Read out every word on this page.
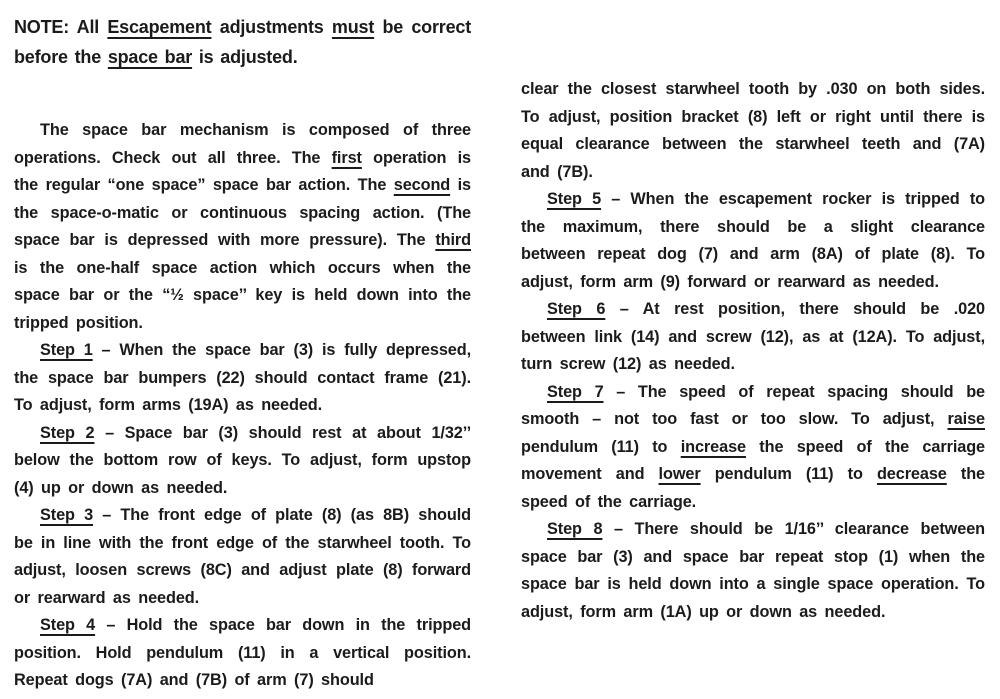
NOTE: All Escapement adjustments must be correct before the space bar is adjusted.

The space bar mechanism is composed of three operations. Check out all three. The first operation is the regular “one space” space bar action. The second is the space-o-matic or continuous spacing action. (The space bar is depressed with more pressure). The third is the one-half space action which occurs when the space bar or the “½ space’’ key is held down into the tripped position.

Step 1 – When the space bar (3) is fully depressed, the space bar bumpers (22) should contact frame (21). To adjust, form arms (19A) as needed.

Step 2 – Space bar (3) should rest at about 1/32’’ below the bottom row of keys. To adjust, form upstop (4) up or down as needed.

Step 3 – The front edge of plate (8) (as 8B) should be in line with the front edge of the starwheel tooth. To adjust, loosen screws (8C) and adjust plate (8) forward or rearward as needed.

Step 4 – Hold the space bar down in the tripped position. Hold pendulum (11) in a vertical position. Repeat dogs (7A) and (7B) of arm (7) should

clear the closest starwheel tooth by .030 on both sides. To adjust, position bracket (8) left or right until there is equal clearance between the starwheel teeth and (7A) and (7B).

Step 5 – When the escapement rocker is tripped to the maximum, there should be a slight clearance between repeat dog (7) and arm (8A) of plate (8). To adjust, form arm (9) forward or rearward as needed.

Step 6 – At rest position, there should be .020 between link (14) and screw (12), as at (12A). To adjust, turn screw (12) as needed.

Step 7 – The speed of repeat spacing should be smooth – not too fast or too slow. To adjust, raise pendulum (11) to increase the speed of the carriage movement and lower pendulum (11) to decrease the speed of the carriage.

Step 8 – There should be 1/16’’ clearance between space bar (3) and space bar repeat stop (1) when the space bar is held down into a single space operation. To adjust, form arm (1A) up or down as needed.
